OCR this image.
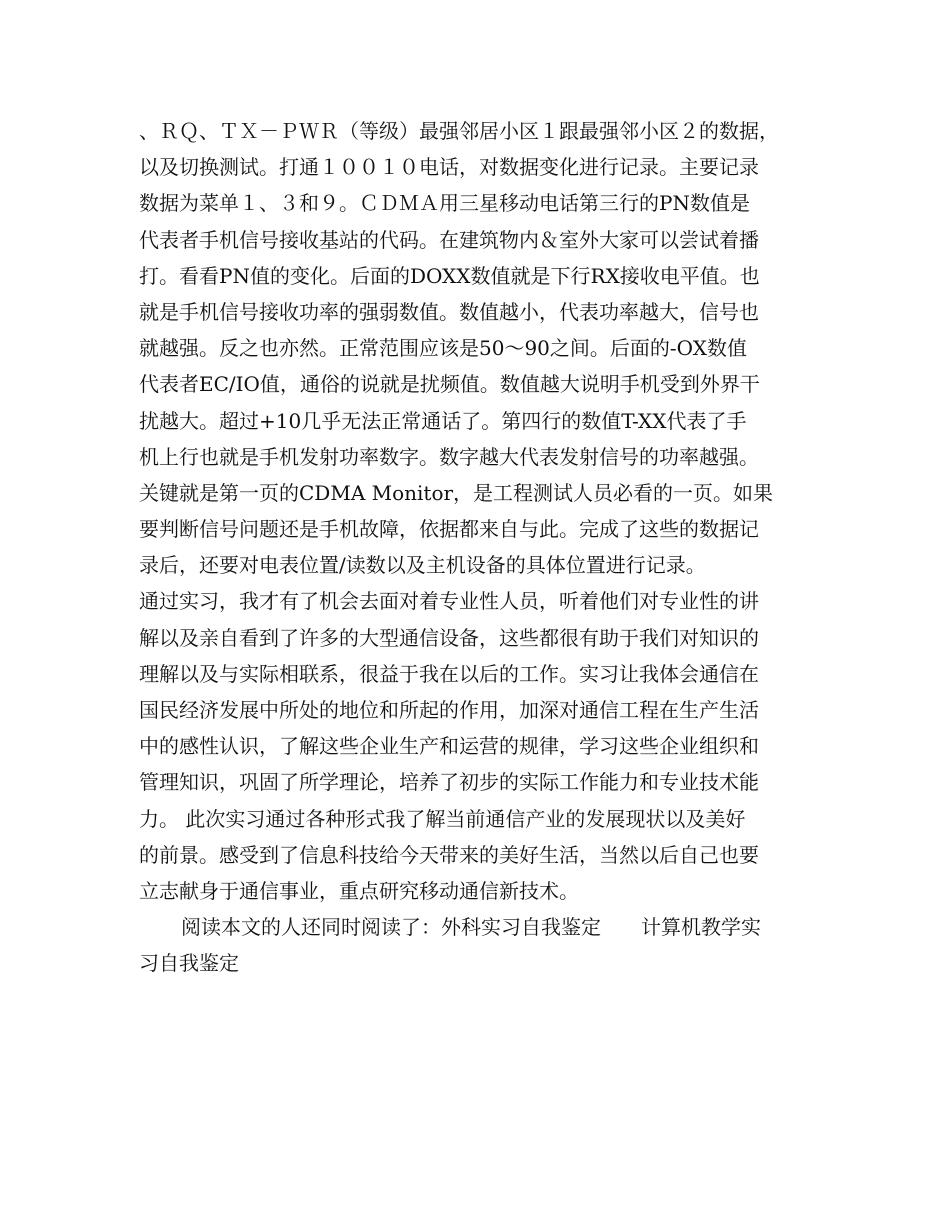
、ＲＱ、ＴＸ－ＰＷＲ（等级）最强邻居小区１跟最强邻小区２的数据，
以及切换测试。打通１００１０电话，对数据变化进行记录。主要记录
数据为菜单１、３和９。ＣＤＭＡ用三星移动电话第三行的PN数值是
代表者手机信号接收基站的代码。在建筑物内＆室外大家可以尝试着播
打。看看PN值的变化。后面的DOXX数值就是下行RX接收电平值。也
就是手机信号接收功率的强弱数值。数值越小，代表功率越大，信号也
就越强。反之也亦然。正常范围应该是50～90之间。后面的-OX数值
代表者EC/IO值，通俗的说就是扰频值。数值越大说明手机受到外界干
扰越大。超过+10几乎无法正常通话了。第四行的数值T-XX代表了手
机上行也就是手机发射功率数字。数字越大代表发射信号的功率越强。
关键就是第一页的CDMA Monitor，是工程测试人员必看的一页。如果
要判断信号问题还是手机故障，依据都来自与此。完成了这些的数据记
录后，还要对电表位置/读数以及主机设备的具体位置进行记录。
通过实习，我才有了机会去面对着专业性人员，听着他们对专业性的讲
解以及亲自看到了许多的大型通信设备，这些都很有助于我们对知识的
理解以及与实际相联系，很益于我在以后的工作。实习让我体会通信在
国民经济发展中所处的地位和所起的作用，加深对通信工程在生产生活
中的感性认识，了解这些企业生产和运营的规律，学习这些企业组织和
管理知识，巩固了所学理论，培养了初步的实际工作能力和专业技术能
力。 此次实习通过各种形式我了解当前通信产业的发展现状以及美好
的前景。感受到了信息科技给今天带来的美好生活，当然以后自己也要
立志献身于通信事业，重点研究移动通信新技术。
阅读本文的人还同时阅读了：外科实习自我鉴定　　计算机教学实
习自我鉴定
